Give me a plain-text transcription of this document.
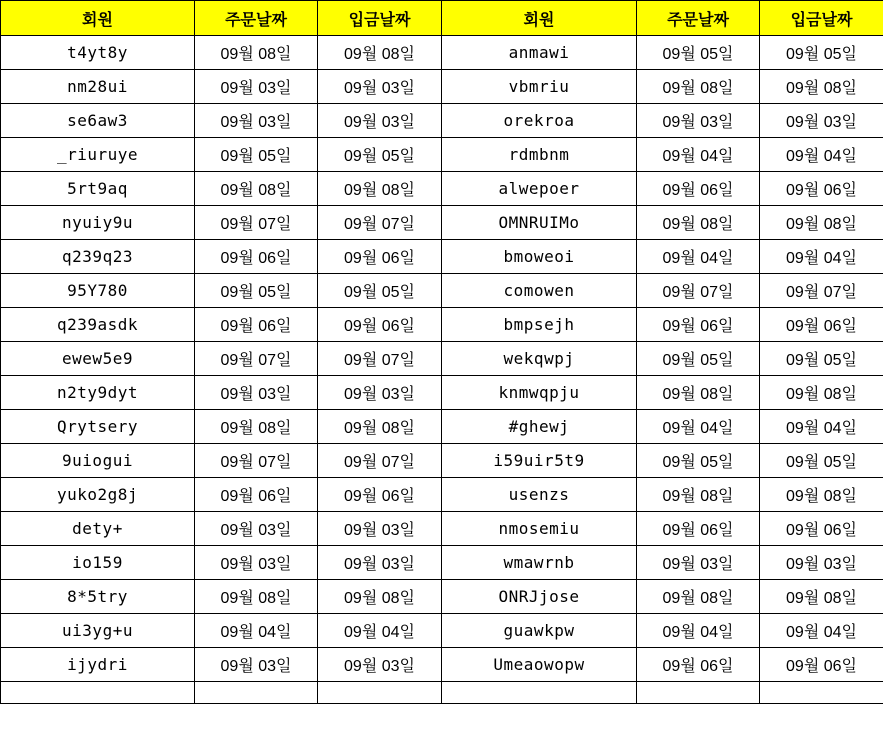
회원	주문날짜	입금날짜	회원	주문날짜	입금날짜
t4yt8y	09월 08일	09월 08일	anmawi	09월 05일	09월 05일
nm28ui	09월 03일	09월 03일	vbmriu	09월 08일	09월 08일
se6aw3	09월 03일	09월 03일	orekroa	09월 03일	09월 03일
_riuruye	09월 05일	09월 05일	rdmbnm	09월 04일	09월 04일
5rt9aq	09월 08일	09월 08일	alwepoer	09월 06일	09월 06일
nyuiy9u	09월 07일	09월 07일	OMNRUIMo	09월 08일	09월 08일
q239q23	09월 06일	09월 06일	bmoweoi	09월 04일	09월 04일
95Y780	09월 05일	09월 05일	comowen	09월 07일	09월 07일
q239asdk	09월 06일	09월 06일	bmpsejh	09월 06일	09월 06일
ewew5e9	09월 07일	09월 07일	wekqwpj	09월 05일	09월 05일
n2ty9dyt	09월 03일	09월 03일	knmwqpju	09월 08일	09월 08일
Qrytsery	09월 08일	09월 08일	#ghewj	09월 04일	09월 04일
9uiogui	09월 07일	09월 07일	i59uir5t9	09월 05일	09월 05일
yuko2g8j	09월 06일	09월 06일	usenzs	09월 08일	09월 08일
dety+	09월 03일	09월 03일	nmosemiu	09월 06일	09월 06일
io159	09월 03일	09월 03일	wmawrnb	09월 03일	09월 03일
8*5try	09월 08일	09월 08일	ONRJjose	09월 08일	09월 08일
ui3yg+u	09월 04일	09월 04일	guawkpw	09월 04일	09월 04일
ijydri	09월 03일	09월 03일	Umeaowopw	09월 06일	09월 06일
